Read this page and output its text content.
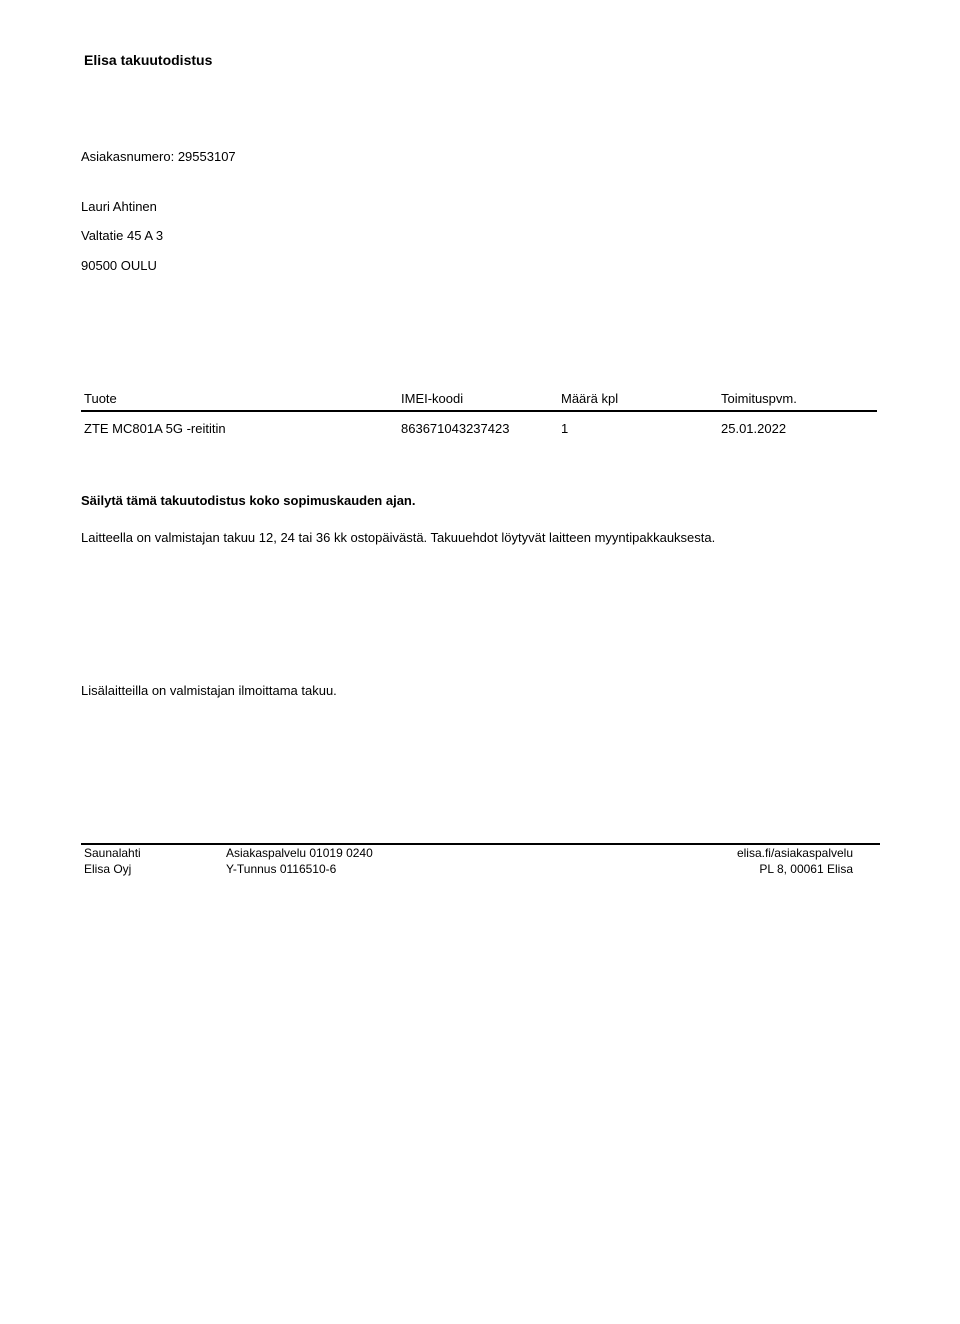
Elisa takuutodistus
Asiakasnumero: 29553107
Lauri Ahtinen
Valtatie 45 A 3
90500 OULU
Tuote	IMEI-koodi	Määrä kpl	Toimituspvm.
ZTE MC801A 5G -reititin	863671043237423	1	25.01.2022
Säilytä tämä takuutodistus koko sopimuskauden ajan.
Laitteella on valmistajan takuu 12, 24 tai 36 kk ostopäivästä. Takuuehdot löytyvät laitteen myyntipakkauksesta.
Lisälaitteilla on valmistajan ilmoittama takuu.
Saunalahti
Elisa Oyj
Asiakaspalvelu 01019 0240
Y-Tunnus 0116510-6
elisa.fi/asiakaspalvelu
PL 8, 00061 Elisa
